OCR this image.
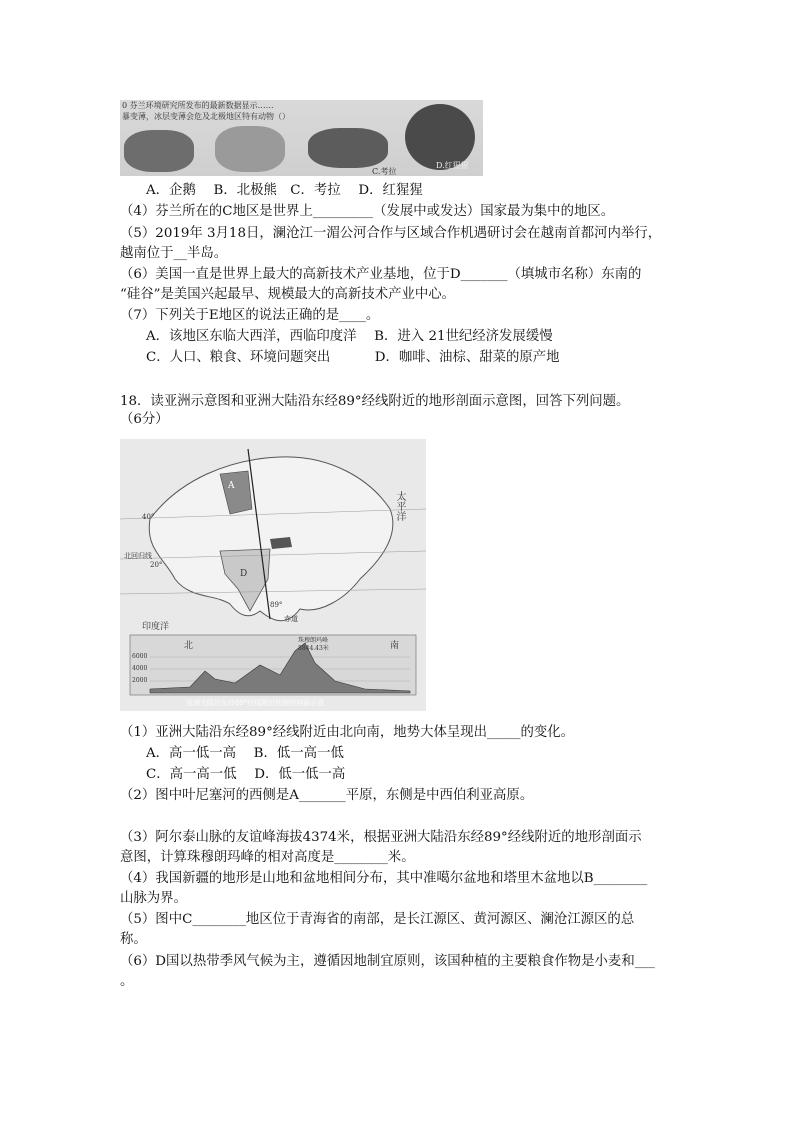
0 芬兰环境研究所发布的最新数据显示……
暴变薄，冰层变薄会危及北极地区特有动物（）
C.考拉
D.红猩猩
A．企鹅　 B．北极熊　C．考拉　 D．红猩猩
（4）芬兰所在的C地区是世界上_________（发展中或发达）国家最为集中的地区。
（5）2019年 3月18日，澜沧江一湄公河合作与区域合作机遇研讨会在越南首都河内举行，
越南位于__半岛。
（6）美国一直是世界上最大的高新技术产业基地，位于D_______（填城市名称）东南的
“硅谷”是美国兴起最早、规模最大的高新技术产业中心。
（7）下列关于E地区的说法正确的是____。
A．该地区东临大西洋，西临印度洋　 B．进入 21世纪经济发展缓慢
C．人口、粮食、环境问题突出　　　 D．咖啡、油棕、甜菜的原产地
18．读亚洲示意图和亚洲大陆沿东经89°经线附近的地形剖面示意图，回答下列问题。
（6分）
太平洋
印度洋
A
D
40°
20°
北回归线
89°
赤道
北	南
6000
4000
2000
珠穆朗玛峰
8844.43米
亚洲大陆沿东经89°经线附近的地形剖面示意
（1）亚洲大陆沿东经89°经线附近由北向南，地势大体呈现出_____的变化。
A．高一低一高　 B．低一高一低
C．高一高一低　 D．低一低一高
（2）图中叶尼塞河的西侧是A_______平原，东侧是中西伯利亚高原。
（3）阿尔泰山脉的友谊峰海拔4374米，根据亚洲大陆沿东经89°经线附近的地形剖面示
意图，计算珠穆朗玛峰的相对高度是________米。
（4）我国新疆的地形是山地和盆地相间分布，其中准噶尔盆地和塔里木盆地以B________
山脉为界。
（5）图中C________地区位于青海省的南部，是长江源区、黄河源区、澜沧江源区的总
称。
（6）D国以热带季风气候为主，遵循因地制宜原则，该国种植的主要粮食作物是小麦和___
。
